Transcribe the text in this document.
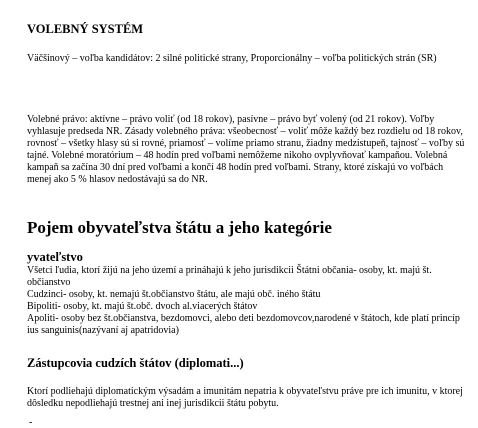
VOLEBNÝ SYSTÉM
Väčšinový – voľba kandidátov: 2 silné politické strany, Proporcionálny – voľba politických strán (SR)
Volebné právo: aktívne – právo voliť (od 18 rokov), pasívne – právo byť volený (od 21 rokov). Voľby vyhlasuje predseda NR. Zásady volebného práva: všeobecnosť – voliť môže každý bez rozdielu od 18 rokov, rovnosť – všetky hlasy sú si rovné, priamosť – volíme priamo stranu, žiadny medzistupeň, tajnosť – voľby sú tajné. Volebné moratórium – 48 hodín pred voľbami nemôžeme nikoho ovplyvňovať kampaňou. Volebná kampaň sa začína 30 dní pred voľbami a končí 48 hodín pred voľbami. Strany, ktoré získajú vo voľbách menej ako 5 % hlasov nedostávajú sa do NR.
Pojem obyvateľstva štátu a jeho kategórie
yvateľstvo
Všetci ľudia, ktorí žijú na jeho území a prináhajú k jeho jurisdikcii Štátni občania- osoby, kt. majú št. občianstvo
Cudzinci- osoby, kt. nemajú št.občianstvo štátu, ale majú obč. iného štátu
Bipoliti- osoby, kt. majú št.obč. dvoch al.viacerých štátov
Apoliti- osoby bez št.občianstva, bezdomovci, alebo deti bezdomovcov,narodené v štátoch, kde platí princíp ius sanguinis(nazývaní aj apatridovia)
Zástupcovia cudzích štátov (diplomati...)
Ktorí podliehajú diplomatickým výsadám a imunitám nepatria k obyvateľstvu práve pre ich imunitu, v ktorej dôsledku nepodliehajú trestnej ani inej jurisdikcii štátu pobytu.
-
